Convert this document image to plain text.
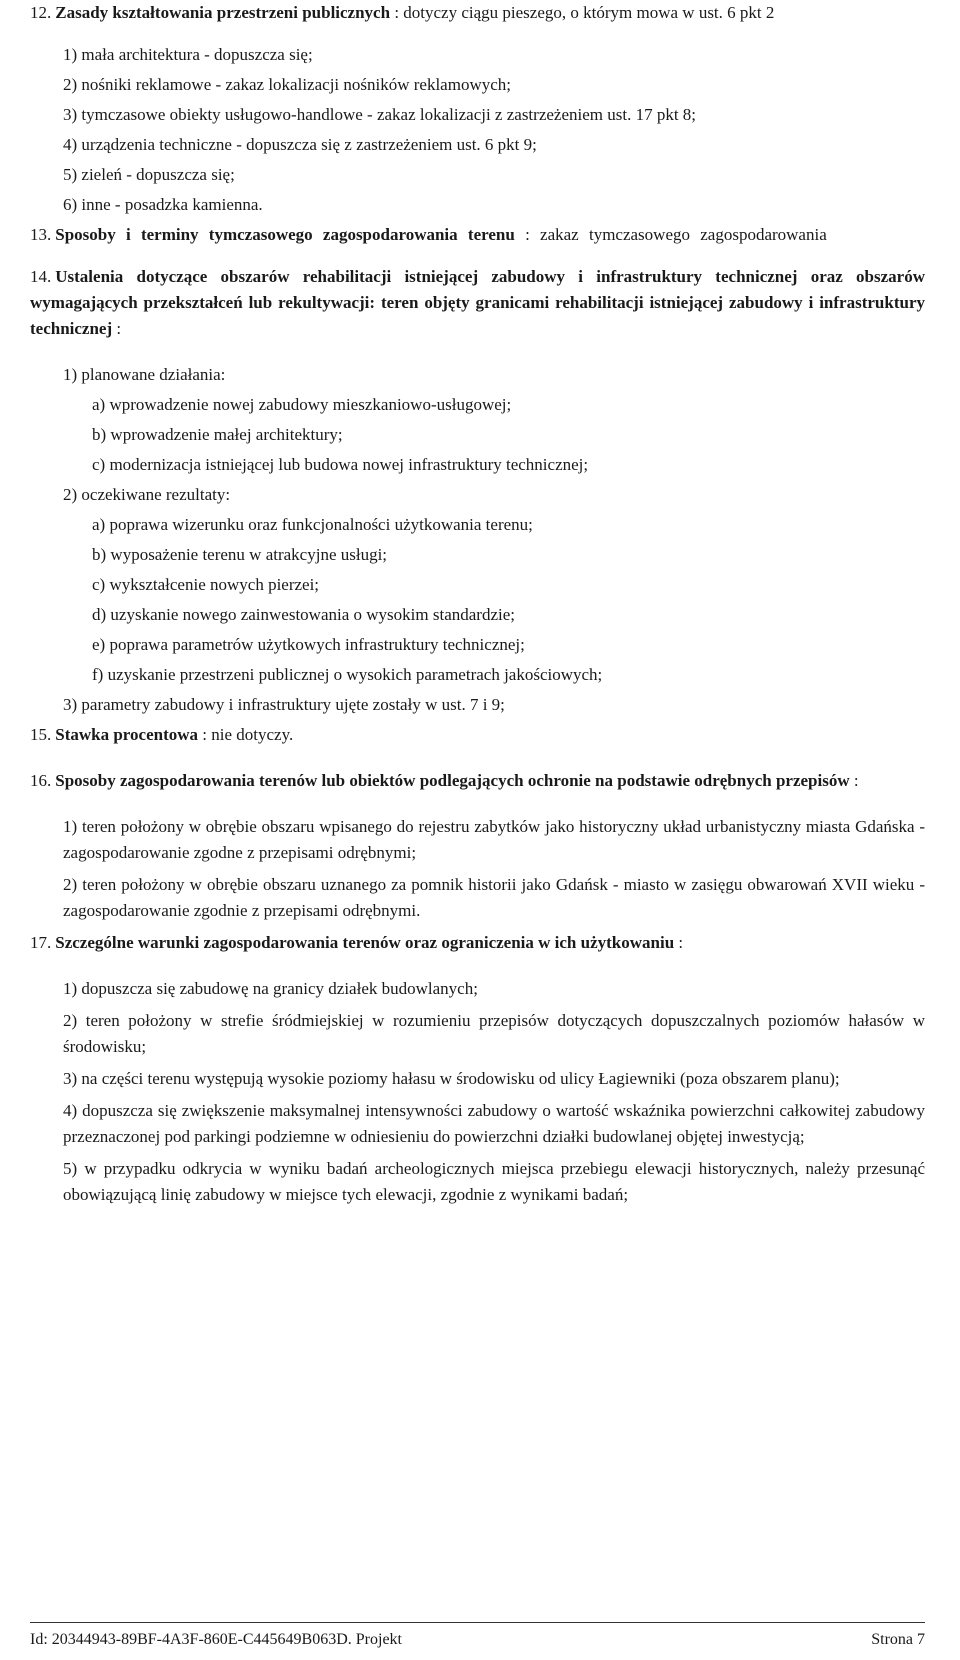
12. Zasady kształtowania przestrzeni publicznych : dotyczy ciągu pieszego, o którym mowa w ust. 6 pkt 2

1) mała architektura - dopuszcza się;
2) nośniki reklamowe - zakaz lokalizacji nośników reklamowych;
3) tymczasowe obiekty usługowo-handlowe - zakaz lokalizacji z zastrzeżeniem ust. 17 pkt 8;
4) urządzenia techniczne - dopuszcza się z zastrzeżeniem ust. 6 pkt 9;
5) zieleń - dopuszcza się;
6) inne - posadzka kamienna.

13. Sposoby i terminy tymczasowego zagospodarowania terenu : zakaz tymczasowego zagospodarowania

14. Ustalenia dotyczące obszarów rehabilitacji istniejącej zabudowy i infrastruktury technicznej oraz obszarów wymagających przekształceń lub rekultywacji: teren objęty granicami rehabilitacji istniejącej zabudowy i infrastruktury technicznej :

1) planowane działania:
a) wprowadzenie nowej zabudowy mieszkaniowo-usługowej;
b) wprowadzenie małej architektury;
c) modernizacja istniejącej lub budowa nowej infrastruktury technicznej;
2) oczekiwane rezultaty:
a) poprawa wizerunku oraz funkcjonalności użytkowania terenu;
b) wyposażenie terenu w atrakcyjne usługi;
c) wykształcenie nowych pierzei;
d) uzyskanie nowego zainwestowania o wysokim standardzie;
e) poprawa parametrów użytkowych infrastruktury technicznej;
f) uzyskanie przestrzeni publicznej o wysokich parametrach jakościowych;
3) parametry zabudowy i infrastruktury ujęte zostały w ust. 7 i 9;

15. Stawka procentowa : nie dotyczy.

16. Sposoby zagospodarowania terenów lub obiektów podlegających ochronie na podstawie odrębnych przepisów :

1) teren położony w obrębie obszaru wpisanego do rejestru zabytków jako historyczny układ urbanistyczny miasta Gdańska - zagospodarowanie zgodne z przepisami odrębnymi;

2) teren położony w obrębie obszaru uznanego za pomnik historii jako Gdańsk - miasto w zasięgu obwarowań XVII wieku - zagospodarowanie zgodnie z przepisami odrębnymi.

17. Szczególne warunki zagospodarowania terenów oraz ograniczenia w ich użytkowaniu :

1) dopuszcza się zabudowę na granicy działek budowlanych;

2) teren położony w strefie śródmiejskiej w rozumieniu przepisów dotyczących dopuszczalnych poziomów hałasów w środowisku;

3) na części terenu występują wysokie poziomy hałasu w środowisku od ulicy Łagiewniki (poza obszarem planu);

4) dopuszcza się zwiększenie maksymalnej intensywności zabudowy o wartość wskaźnika powierzchni całkowitej zabudowy przeznaczonej pod parkingi podziemne w odniesieniu do powierzchni działki budowlanej objętej inwestycją;

5) w przypadku odkrycia w wyniku badań archeologicznych miejsca przebiegu elewacji historycznych, należy przesunąć obowiązującą linię zabudowy w miejsce tych elewacji, zgodnie z wynikami badań;

Id: 20344943-89BF-4A3F-860E-C445649B063D. Projekt	Strona 7
